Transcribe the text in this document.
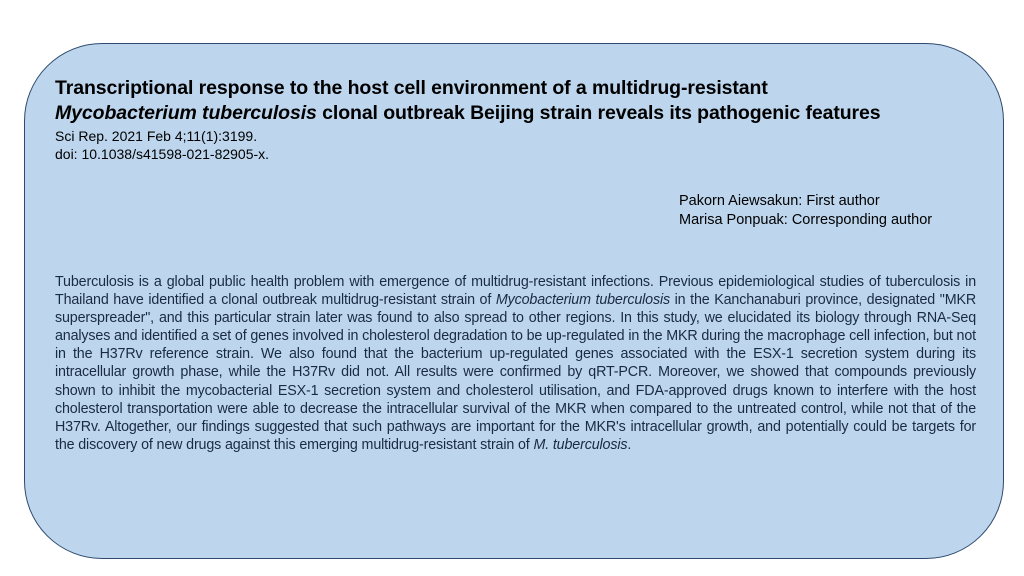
Transcriptional response to the host cell environment of a multidrug-resistant
Mycobacterium tuberculosis clonal outbreak Beijing strain reveals its pathogenic features
Sci Rep. 2021 Feb 4;11(1):3199.
doi: 10.1038/s41598-021-82905-x.
Pakorn Aiewsakun: First author
Marisa Ponpuak: Corresponding author

Tuberculosis is a global public health problem with emergence of multidrug-resistant infections. Previous epidemiological studies of tuberculosis in Thailand have identified a clonal outbreak multidrug-resistant strain of Mycobacterium tuberculosis in the Kanchanaburi province, designated "MKR superspreader", and this particular strain later was found to also spread to other regions. In this study, we elucidated its biology through RNA-Seq analyses and identified a set of genes involved in cholesterol degradation to be up-regulated in the MKR during the macrophage cell infection, but not in the H37Rv reference strain. We also found that the bacterium up-regulated genes associated with the ESX-1 secretion system during its intracellular growth phase, while the H37Rv did not. All results were confirmed by qRT-PCR. Moreover, we showed that compounds previously shown to inhibit the mycobacterial ESX-1 secretion system and cholesterol utilisation, and FDA-approved drugs known to interfere with the host cholesterol transportation were able to decrease the intracellular survival of the MKR when compared to the untreated control, while not that of the H37Rv. Altogether, our findings suggested that such pathways are important for the MKR's intracellular growth, and potentially could be targets for the discovery of new drugs against this emerging multidrug-resistant strain of M. tuberculosis.
